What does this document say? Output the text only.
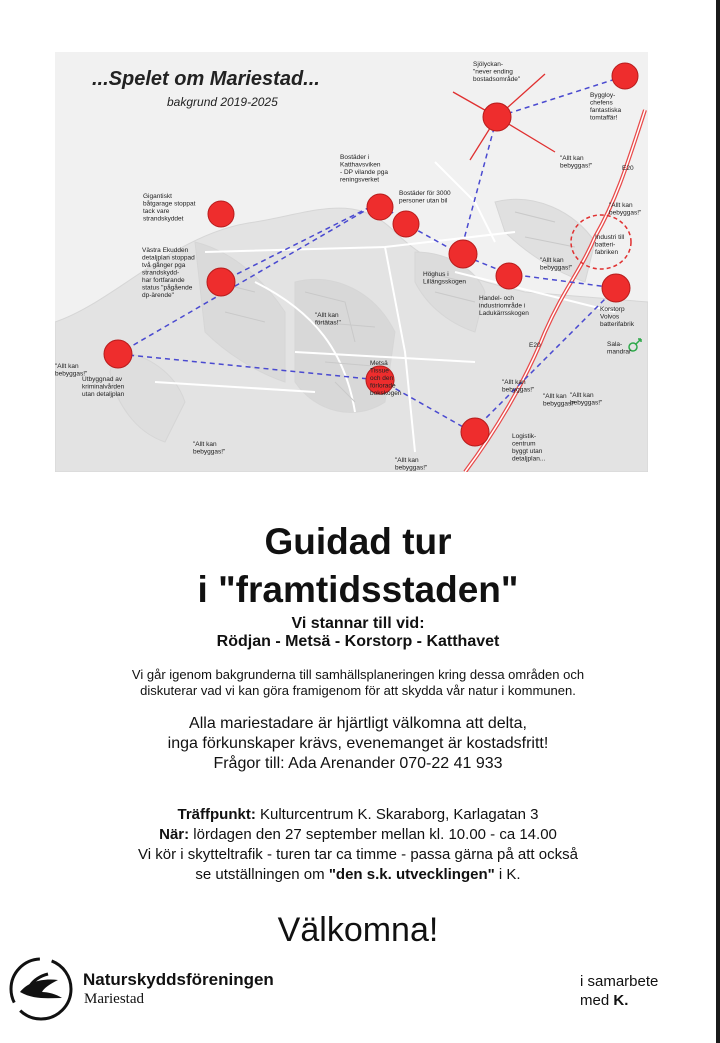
...Spelet om Mariestad...
bakgrund 2019-2025
Sjölyckan-"never ending bostadsområde"
Byggloy-chefens fantastiska tomtaffär!
Bostäder i Katthavsviken - DP vilande pga reningsverket
Bostäder för 3000 personer utan bil
Gigantiskt båtgarage stoppat tack vare strandskyddet
Västra Ekudden detaljplan stoppad två gånger pga strandskydd-har fortfarande status "pågående dp-ärende"
Höghus i Lillängsskogen
Handel- och industriområde i Ladukärrsskogen
Industri till batteri-fabriken
Korstorp Volvos batterifabrik
Utbyggnad av kriminalvården utan detaljplan
Metsä Tissue och den förlorade bokskogen
Logistik-centrum byggt utan detaljplan...
Sala-mandrar
"Allt kan bebyggas!"
"Allt kan bebyggas!"
"Allt kan bebyggas!"
"Allt kan förtätas!"
"Allt kan bebyggas!"
"Allt kan bebyggas!"
"Allt kan bebyggas!"
"Allt kan bebyggas!"
"Allt kan bebyggas!"
"Allt kan bebyggas!"
E20
E20
Guidad tur
i "framtidsstaden"
Vi stannar till vid:
Rödjan - Metsä - Korstorp - Katthavet
Vi går igenom bakgrunderna till samhällsplaneringen kring dessa områden och
diskuterar vad vi kan göra framigenom för att skydda vår natur i kommunen.
Alla mariestadare är hjärtligt välkomna att delta,
inga förkunskaper krävs, evenemanget är kostadsfritt!
Frågor till: Ada Arenander 070-22 41 933
Träffpunkt: Kulturcentrum K. Skaraborg, Karlagatan 3
När: lördagen den 27 september mellan kl. 10.00 - ca 14.00
Vi kör i skytteltrafik - turen tar ca timme - passa gärna på att också
se utställningen om "den s.k. utvecklingen" i K.
Välkomna!
Naturskyddsföreningen
Mariestad
i samarbete
med K.
